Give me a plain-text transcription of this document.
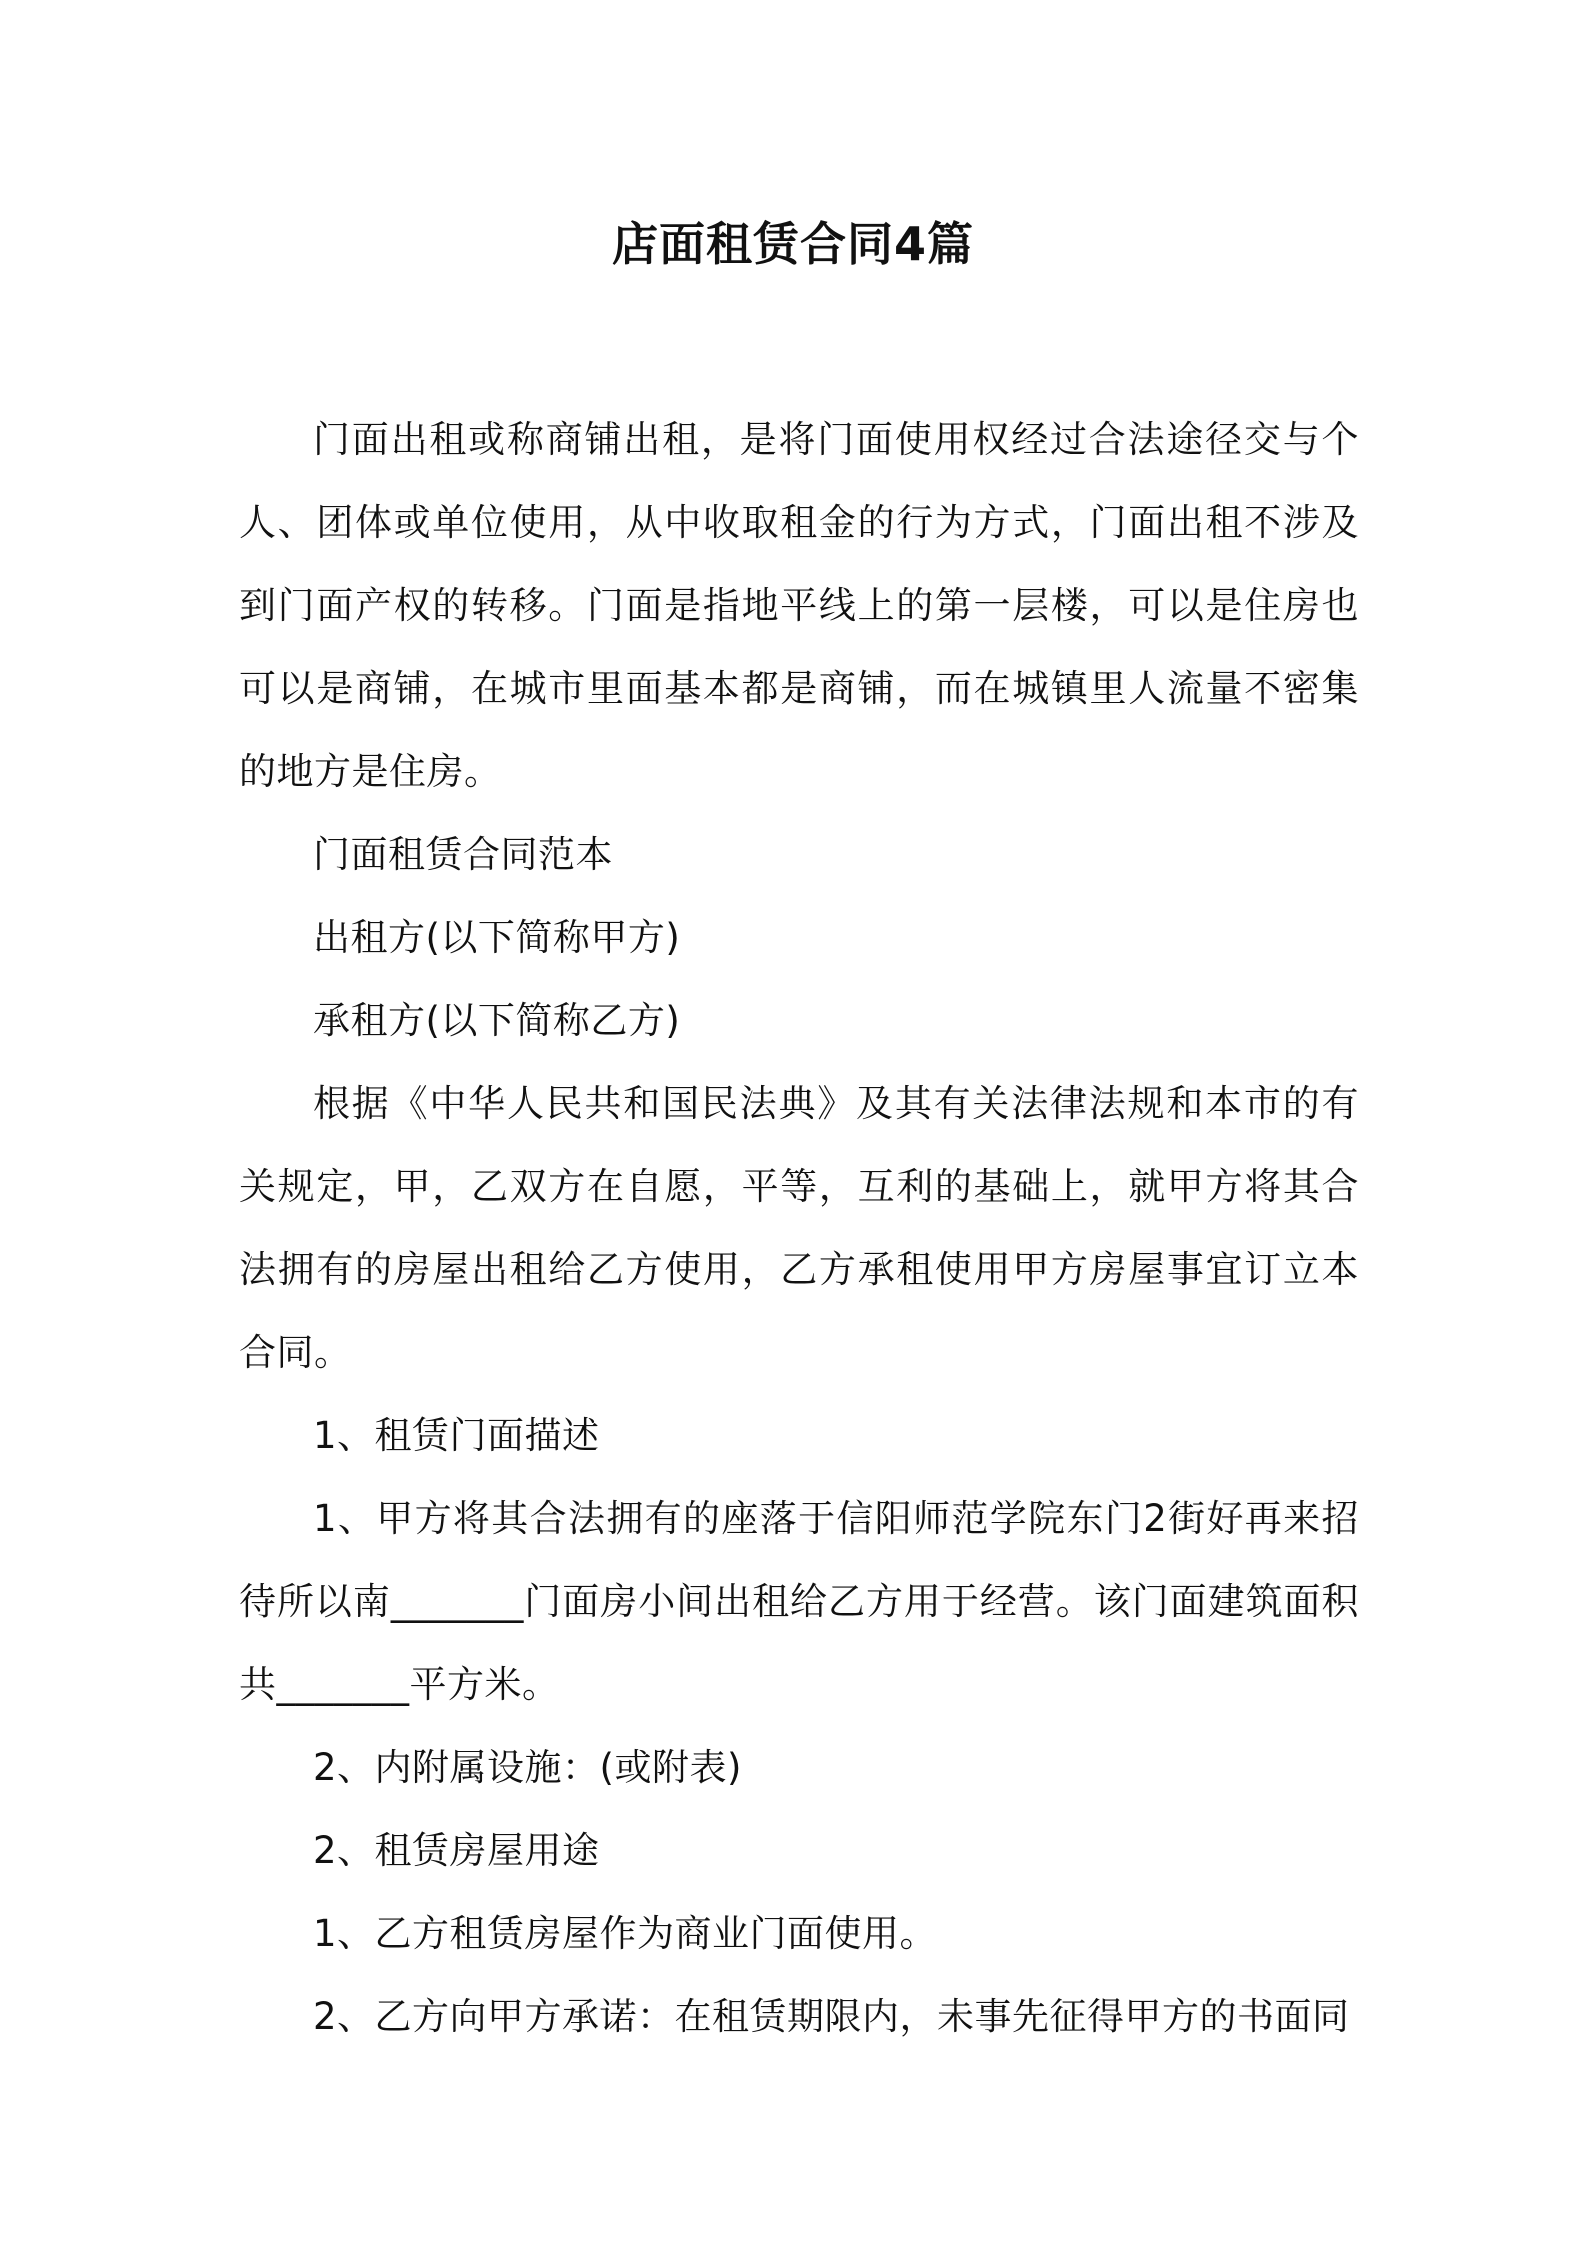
店面租赁合同4篇

门面出租或称商铺出租，是将门面使用权经过合法途径交与个人、团体或单位使用，从中收取租金的行为方式，门面出租不涉及到门面产权的转移。门面是指地平线上的第一层楼，可以是住房也可以是商铺，在城市里面基本都是商铺，而在城镇里人流量不密集的地方是住房。

门面租赁合同范本

出租方(以下简称甲方)

承租方(以下简称乙方)

根据《中华人民共和国民法典》及其有关法律法规和本市的有关规定，甲，乙双方在自愿，平等，互利的基础上，就甲方将其合法拥有的房屋出租给乙方使用，乙方承租使用甲方房屋事宜订立本合同。

1、租赁门面描述

1、甲方将其合法拥有的座落于信阳师范学院东门2街好再来招待所以南_______门面房小间出租给乙方用于经营。该门面建筑面积共_______平方米。

2、内附属设施：(或附表)

2、租赁房屋用途

1、乙方租赁房屋作为商业门面使用。

2、乙方向甲方承诺：在租赁期限内，未事先征得甲方的书面同
